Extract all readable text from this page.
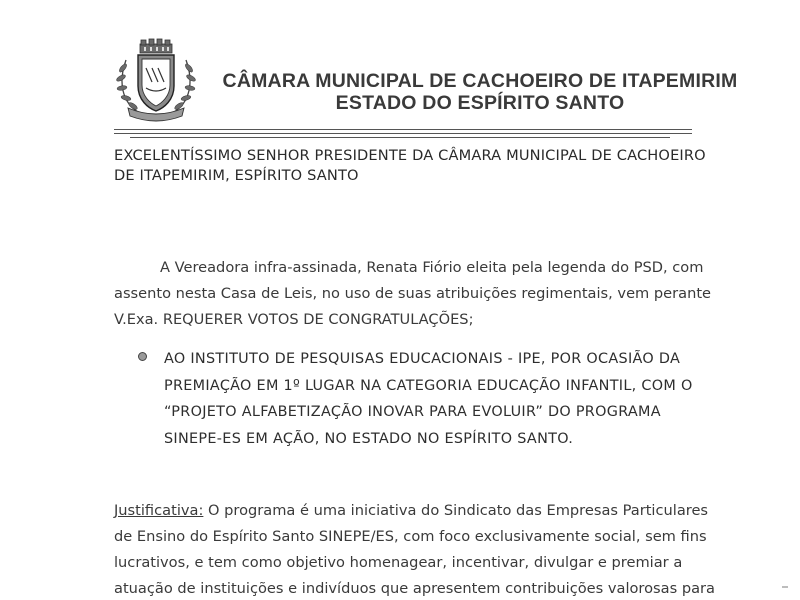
CÂMARA MUNICIPAL DE CACHOEIRO DE ITAPEMIRIM
ESTADO DO ESPÍRITO SANTO
EXCELENTÍSSIMO SENHOR PRESIDENTE DA CÂMARA MUNICIPAL DE CACHOEIRO
DE ITAPEMIRIM, ESPÍRITO SANTO
A Vereadora infra-assinada, Renata Fiório eleita pela legenda do PSD, com
assento nesta Casa de Leis, no uso de suas atribuições regimentais, vem perante
V.Exa. REQUERER VOTOS DE CONGRATULAÇÕES;
AO INSTITUTO DE PESQUISAS EDUCACIONAIS - IPE, POR OCASIÃO DA
PREMIAÇÃO EM 1º LUGAR NA CATEGORIA EDUCAÇÃO INFANTIL, COM O
“PROJETO ALFABETIZAÇÃO INOVAR PARA EVOLUIR” DO PROGRAMA
SINEPE-ES EM AÇÃO, NO ESTADO NO ESPÍRITO SANTO.
Justificativa: O programa é uma iniciativa do Sindicato das Empresas Particulares
de Ensino do Espírito Santo SINEPE/ES, com foco exclusivamente social, sem fins
lucrativos, e tem como objetivo homenagear, incentivar, divulgar e premiar a
atuação de instituições e indivíduos que apresentem contribuições valorosas para
